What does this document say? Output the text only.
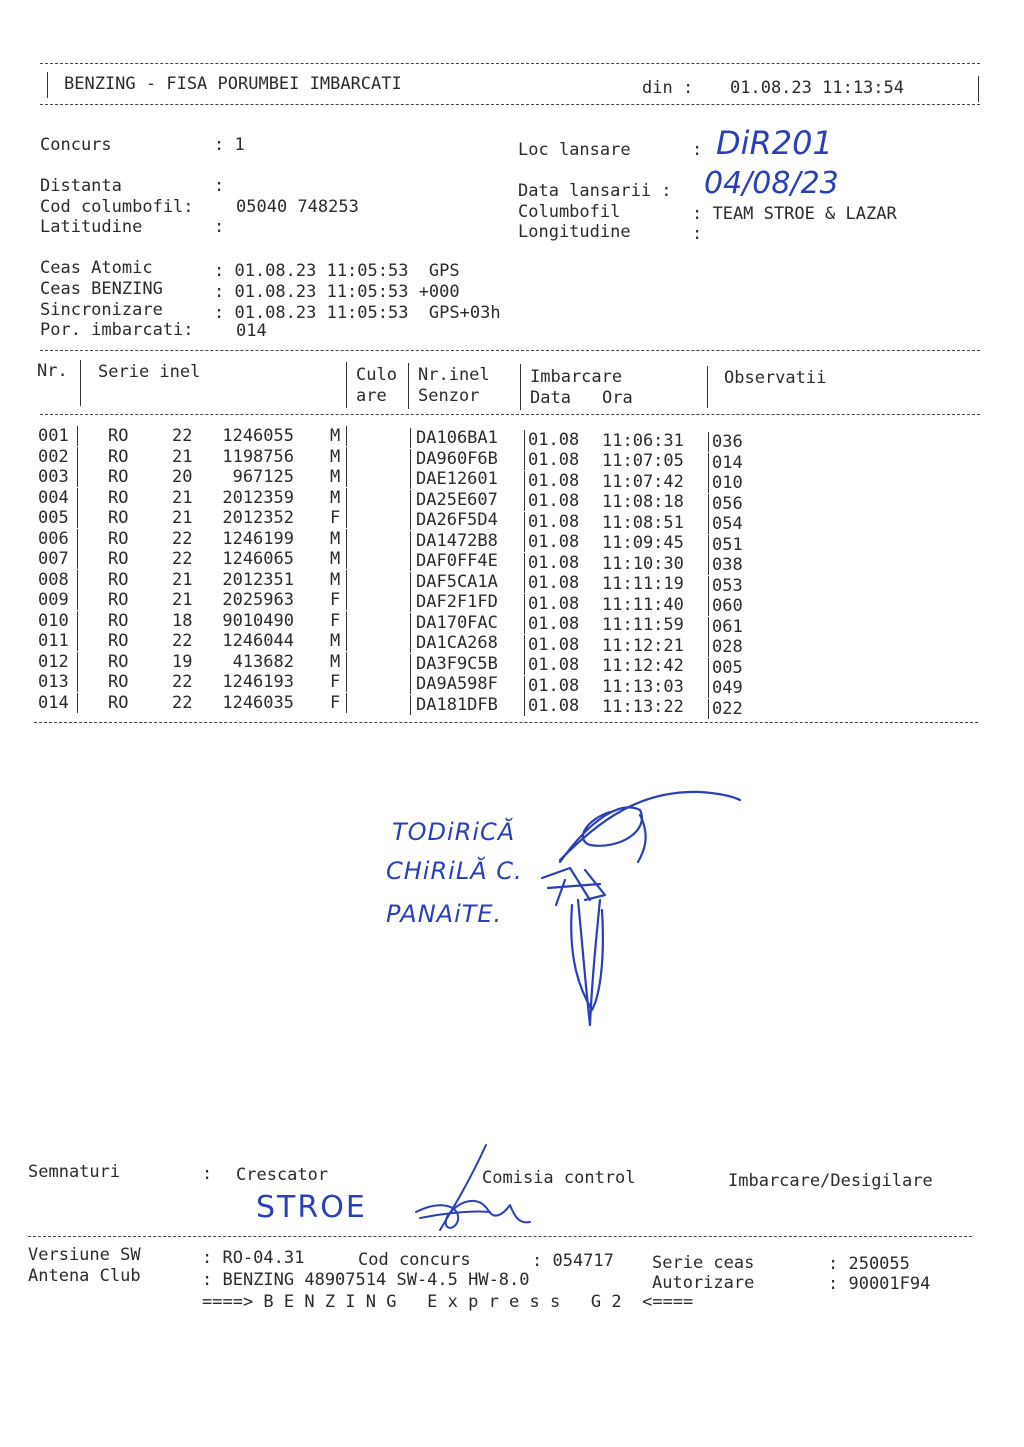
BENZING - FISA PORUMBEI IMBARCATI	din : 01.08.23 11:13:54
Concurs	: 1	Loc lansare	: DiR201
Distanta	:
Cod columbofil: 05040 748253
Latitudine	:
Data lansarii : 04/08/23
Columbofil	: TEAM STROE & LAZAR
Longitudine	:
Ceas Atomic	: 01.08.23 11:05:53  GPS
Ceas BENZING	: 01.08.23 11:05:53 +000
Sincronizare	: 01.08.23 11:05:53  GPS+03h
Por. imbarcati: 014
Nr. Serie inel	Culo
are
Nr.inel
Senzor
Imbarcare
Data Ora
Observatii
001 RO	22	1246055 M	DA106BA1 01.08 11:06:31 036
002 RO	21	1198756 M	DA960F6B 01.08 11:07:05 014
003 RO	20	967125 M	DAE12601 01.08 11:07:42 010
004 RO	21	2012359 M	DA25E607 01.08 11:08:18 056
005 RO	21	2012352 F	DA26F5D4 01.08 11:08:51 054
006 RO	22	1246199 M	DA1472B8 01.08 11:09:45 051
007 RO	22	1246065 M	DAF0FF4E 01.08 11:10:30 038
008 RO	21	2012351 M	DAF5CA1A 01.08 11:11:19 053
009 RO	21	2025963 F	DAF2F1FD 01.08 11:11:40 060
010 RO	18	9010490 F	DA170FAC 01.08 11:11:59 061
011 RO	22	1246044 M	DA1CA268 01.08 11:12:21 028
012 RO	19	413682 M	DA3F9C5B 01.08 11:12:42 005
013 RO	22	1246193 F	DA9A598F 01.08 11:13:03 049
014 RO	22	1246035 F	DA181DFB 01.08 11:13:22 022
TODiRiCĂ
CHiRiLĂ C.
PANAiTE.
Semnaturi	: Crescator
STROE
Comisia control	Imbarcare/Desigilare
Versiune SW	: RO-04.31	Cod concurs	: 054717 Serie ceas	: 250055
Antena Club	: BENZING 48907514 SW-4.5 HW-8.0	Autorizare	: 90001F94
====> B E N Z I N G   E x p r e s s   G 2  <====
